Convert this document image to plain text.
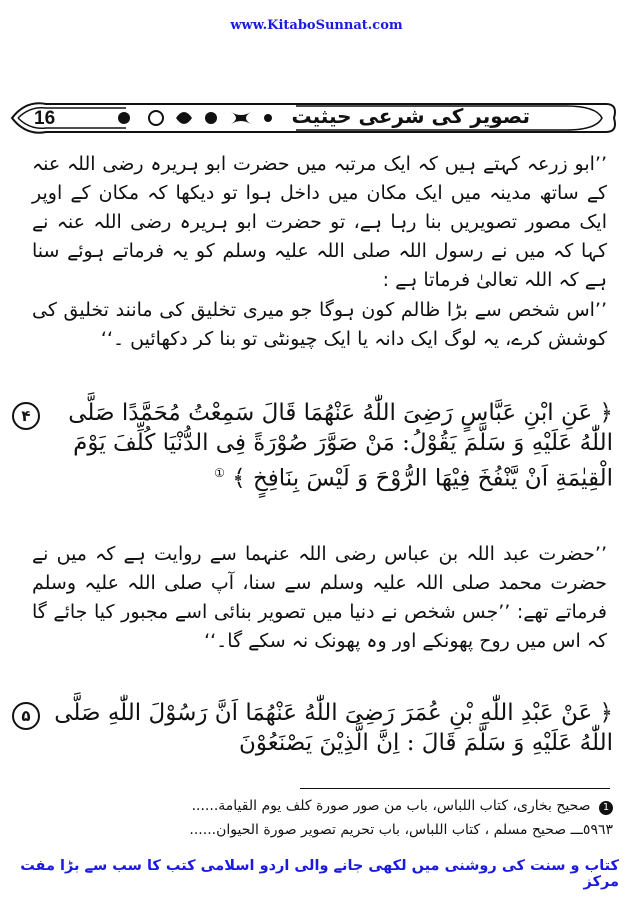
www.KitaboSunnat.com
16	تصویر کی شرعی حیثیت
’’ابو زرعہ کہتے ہیں کہ ایک مرتبہ میں حضرت ابو ہریرہ رضی اللہ عنہ کے ساتھ مدینہ میں ایک مکان میں داخل ہوا تو دیکھا کہ مکان کے اوپر ایک مصور تصویریں بنا رہا ہے، تو حضرت ابو ہریرہ رضی اللہ عنہ نے کہا کہ میں نے رسول اللہ صلی اللہ علیہ وسلم کو یہ فرماتے ہوئے سنا ہے کہ اللہ تعالیٰ فرماتا ہے :
’’اس شخص سے بڑا ظالم کون ہوگا جو میری تخلیق کی مانند تخلیق کی کوشش کرے، یہ لوگ ایک دانہ یا ایک چیونٹی تو بنا کر دکھائیں ۔‘‘
۴	﴿ عَنِ ابْنِ عَبَّاسٍ رَضِیَ اللّٰهُ عَنْهُمَا قَالَ سَمِعْتُ مُحَمَّدًا صَلَّی اللّٰهُ عَلَيْهِ وَ سَلَّمَ يَقُوْلُ: مَنْ صَوَّرَ صُوْرَةً فِی الدُّنْيَا كُلِّفَ يَوْمَ الْقِيٰمَةِ اَنْ يَّنْفُخَ فِيْهَا الرُّوْحَ وَ لَيْسَ بِنَافِخٍ ﴾ ①
’’حضرت عبد اللہ بن عباس رضی اللہ عنہما سے روایت ہے کہ میں نے حضرت محمد صلی اللہ علیہ وسلم سے سنا، آپ صلی اللہ علیہ وسلم فرماتے تھے: ’’جس شخص نے دنیا میں تصویر بنائی اسے مجبور کیا جائے گا کہ اس میں روح پھونکے اور وہ پھونک نہ سکے گا۔‘‘
۵	﴿ عَنْ عَبْدِ اللّٰهِ بْنِ عُمَرَ رَضِیَ اللّٰهُ عَنْهُمَا اَنَّ رَسُوْلَ اللّٰهِ صَلَّی اللّٰهُ عَلَيْهِ وَ سَلَّمَ قَالَ : اِنَّ الَّذِيْنَ يَصْنَعُوْنَ
1 صحيح بخاری، كتاب اللباس، باب من صور صورة كلف يوم القيامة......
٥٩٦٣ـــ صحيح مسلم ، كتاب اللباس، باب تحريم تصوير صورة الحيوان......
کتاب و سنت کی روشنی میں لکھی جانے والی اردو اسلامی کتب کا سب سے بڑا مفت مرکز
